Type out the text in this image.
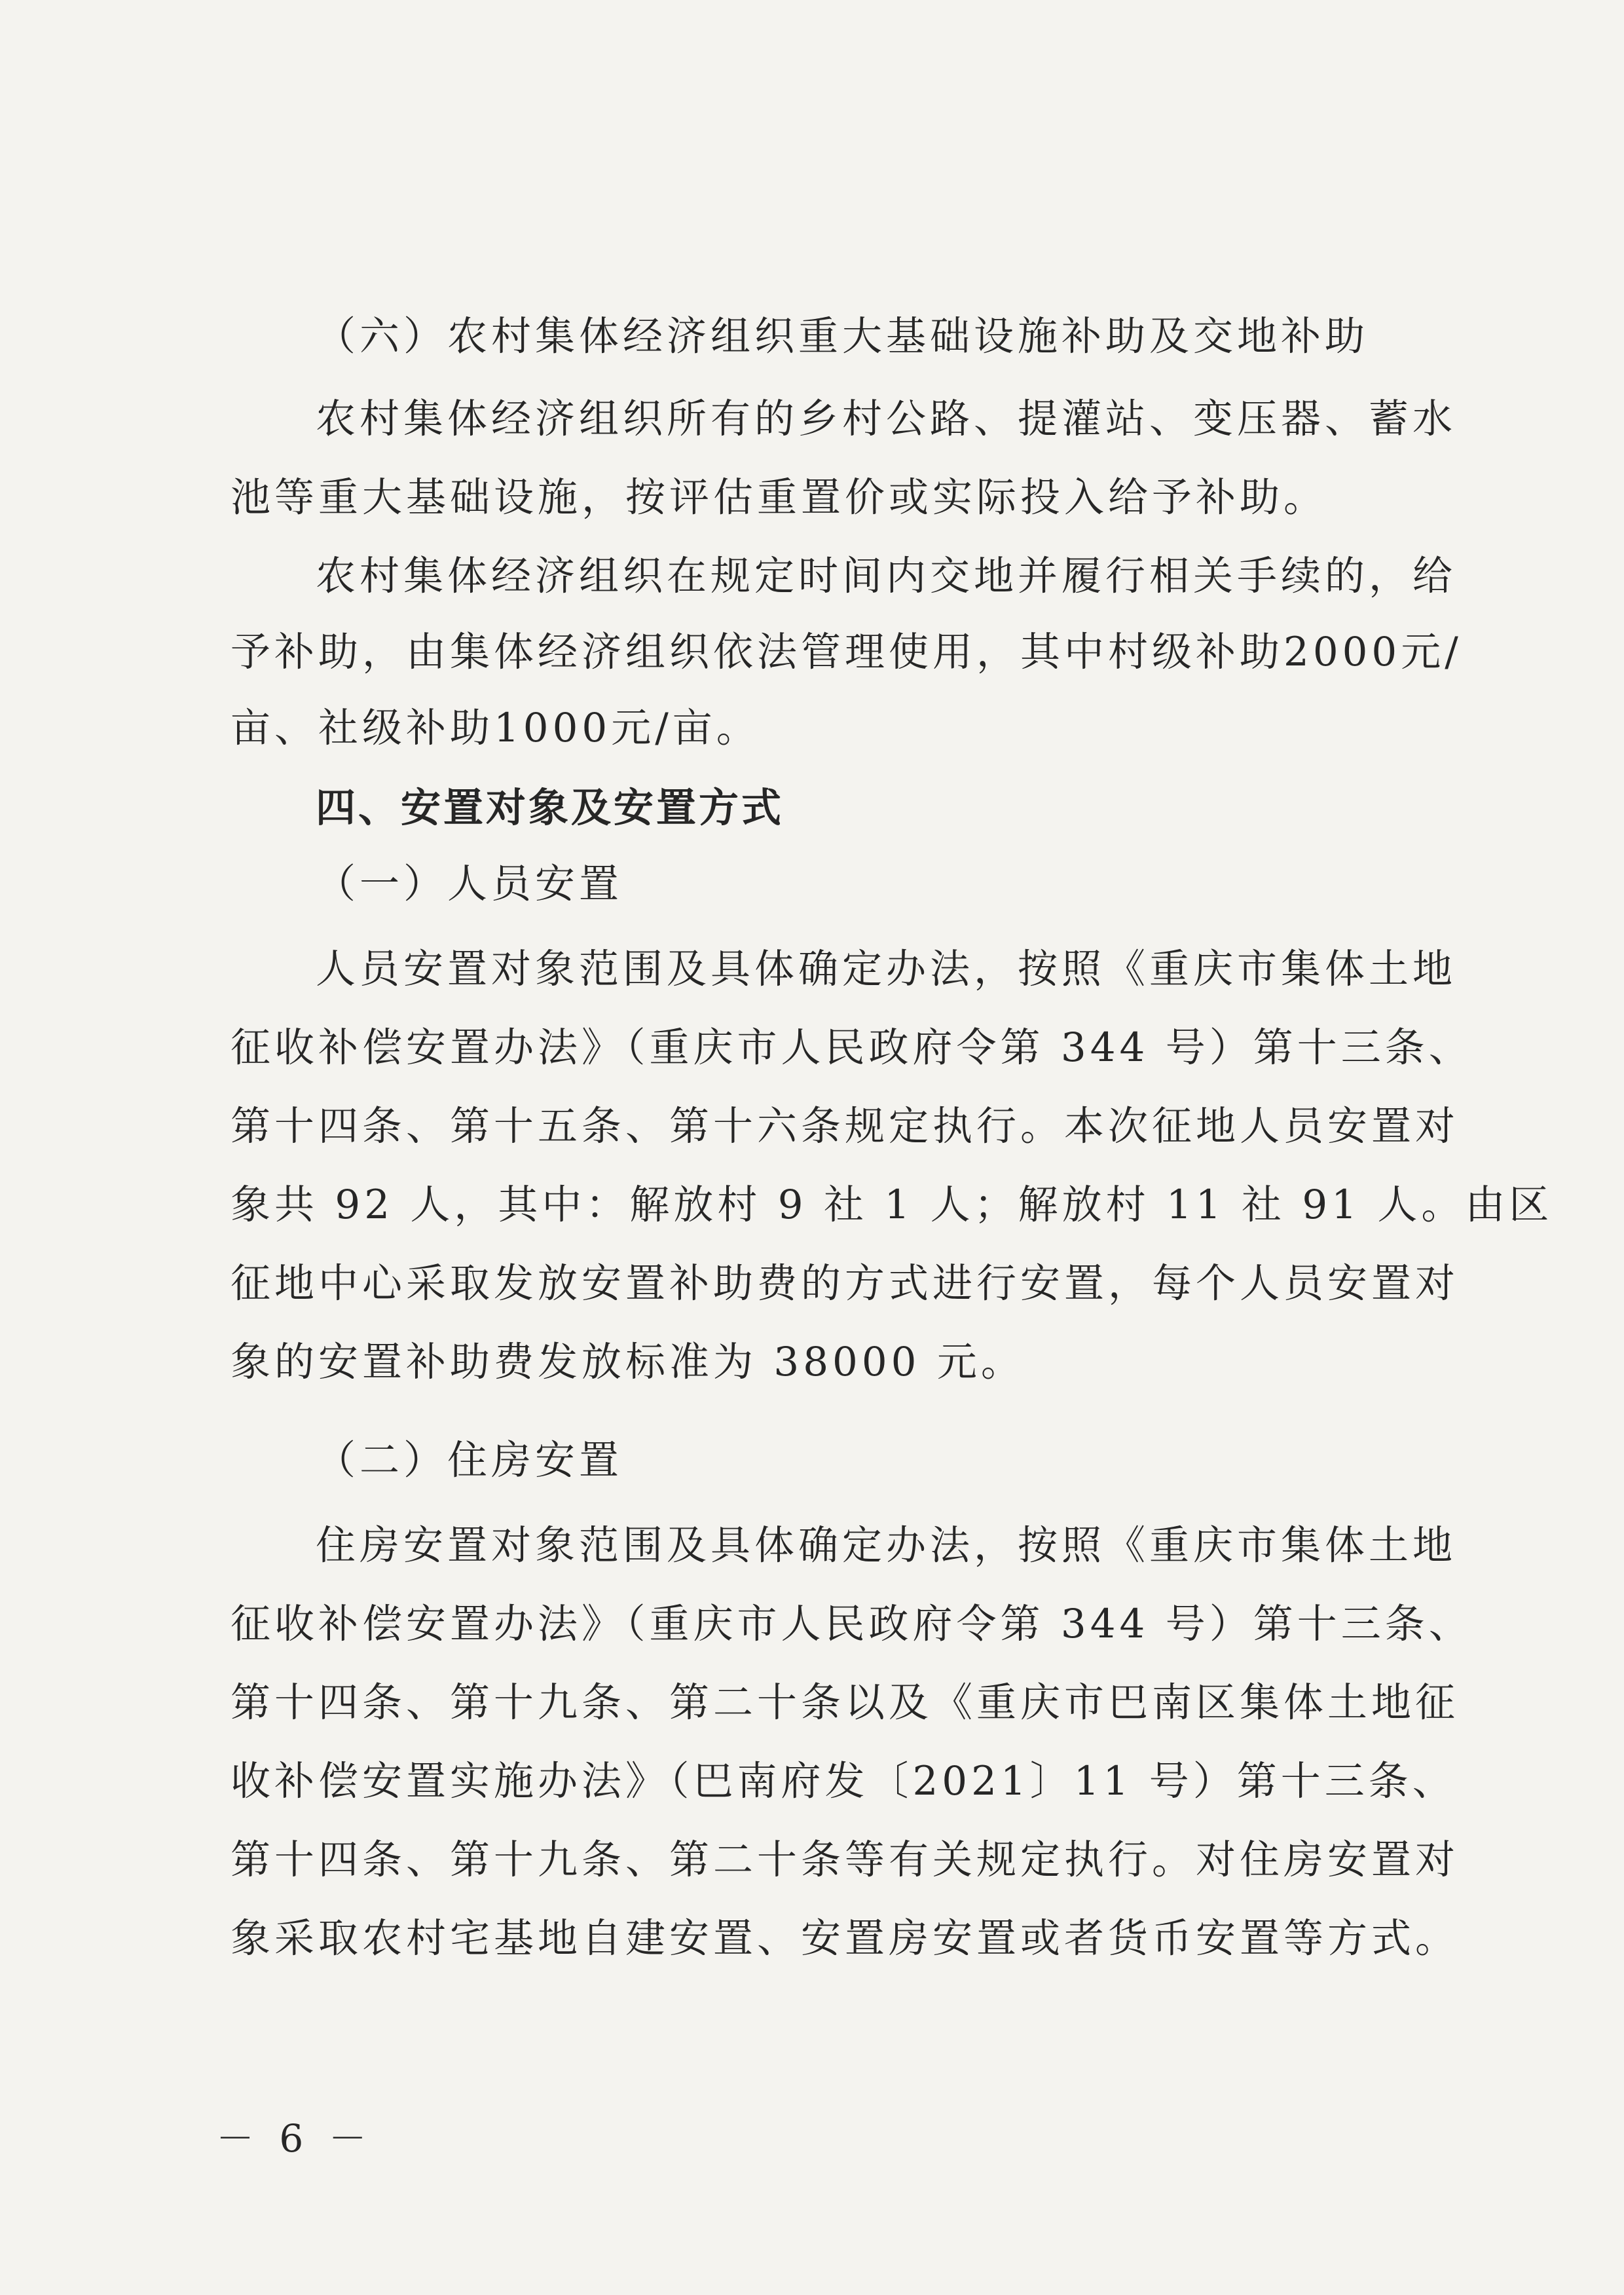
（六）农村集体经济组织重大基础设施补助及交地补助
农村集体经济组织所有的乡村公路、提灌站、变压器、蓄水
池等重大基础设施，按评估重置价或实际投入给予补助。
农村集体经济组织在规定时间内交地并履行相关手续的，给
予补助，由集体经济组织依法管理使用，其中村级补助2000元/
亩、社级补助1000元/亩。
四、安置对象及安置方式
（一）人员安置
人员安置对象范围及具体确定办法，按照《重庆市集体土地
征收补偿安置办法》（重庆市人民政府令第 344 号）第十三条、
第十四条、第十五条、第十六条规定执行。本次征地人员安置对
象共 92 人，其中：解放村 9 社 1 人；解放村 11 社 91 人。由区
征地中心采取发放安置补助费的方式进行安置，每个人员安置对
象的安置补助费发放标准为 38000 元。
（二）住房安置
住房安置对象范围及具体确定办法，按照《重庆市集体土地
征收补偿安置办法》（重庆市人民政府令第 344 号）第十三条、
第十四条、第十九条、第二十条以及《重庆市巴南区集体土地征
收补偿安置实施办法》（巴南府发〔2021〕11 号）第十三条、
第十四条、第十九条、第二十条等有关规定执行。对住房安置对
象采取农村宅基地自建安置、安置房安置或者货币安置等方式。
－ 6 －
